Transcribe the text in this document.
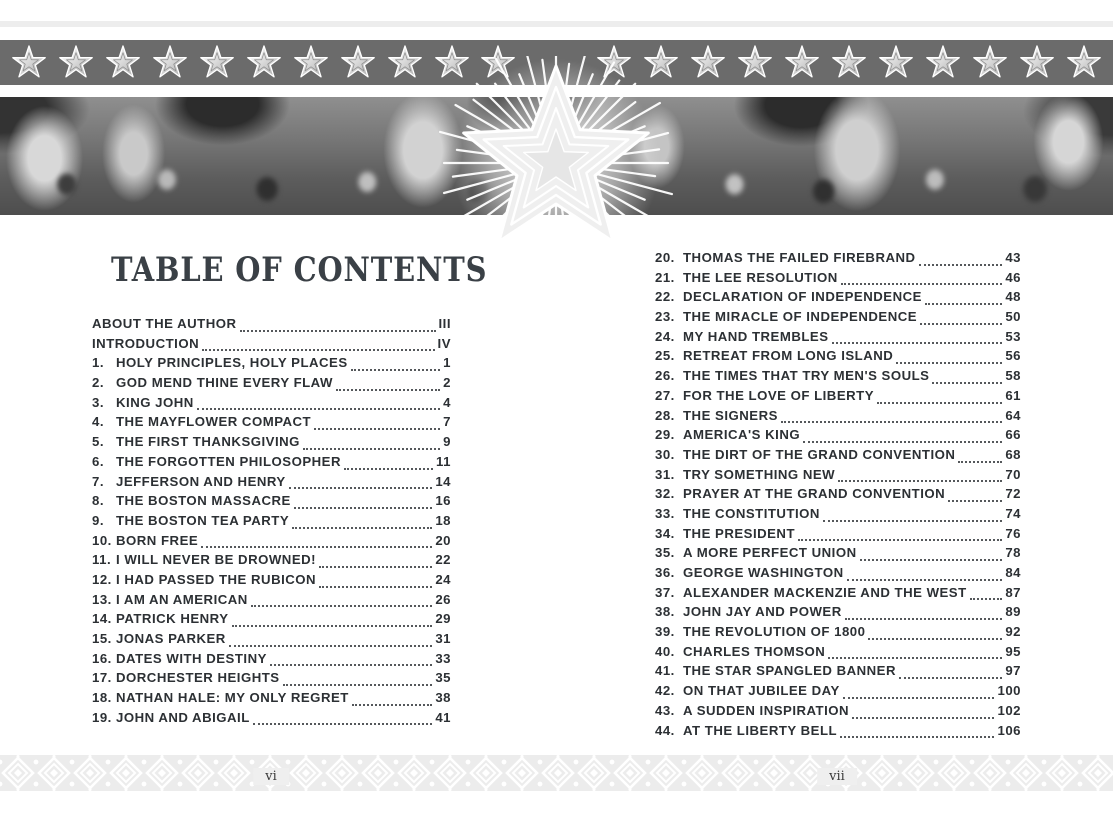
TABLE OF CONTENTS
ABOUT THE AUTHOR	III
INTRODUCTION	IV
1. HOLY PRINCIPLES, HOLY PLACES	1
2. GOD MEND THINE EVERY FLAW	2
3. KING JOHN	4
4. THE MAYFLOWER COMPACT	7
5. THE FIRST THANKSGIVING	9
6. THE FORGOTTEN PHILOSOPHER	11
7. JEFFERSON AND HENRY	14
8. THE BOSTON MASSACRE	16
9. THE BOSTON TEA PARTY	18
10. BORN FREE	20
11. I WILL NEVER BE DROWNED!	22
12. I HAD PASSED THE RUBICON	24
13. I AM AN AMERICAN	26
14. PATRICK HENRY	29
15. JONAS PARKER	31
16. DATES WITH DESTINY	33
17. DORCHESTER HEIGHTS	35
18. NATHAN HALE: MY ONLY REGRET	38
19. JOHN AND ABIGAIL	41
20. THOMAS THE FAILED FIREBRAND	43
21. THE LEE RESOLUTION	46
22. DECLARATION OF INDEPENDENCE	48
23. THE MIRACLE OF INDEPENDENCE	50
24. MY HAND TREMBLES	53
25. RETREAT FROM LONG ISLAND	56
26. THE TIMES THAT TRY MEN'S SOULS	58
27. FOR THE LOVE OF LIBERTY	61
28. THE SIGNERS	64
29. AMERICA'S KING	66
30. THE DIRT OF THE GRAND CONVENTION	68
31. TRY SOMETHING NEW	70
32. PRAYER AT THE GRAND CONVENTION	72
33. THE CONSTITUTION	74
34. THE PRESIDENT	76
35. A MORE PERFECT UNION	78
36. GEORGE WASHINGTON	84
37. ALEXANDER MACKENZIE AND THE WEST	87
38. JOHN JAY AND POWER	89
39. THE REVOLUTION OF 1800	92
40. CHARLES THOMSON	95
41. THE STAR SPANGLED BANNER	97
42. ON THAT JUBILEE DAY	100
43. A SUDDEN INSPIRATION	102
44. AT THE LIBERTY BELL	106
vi	vii
